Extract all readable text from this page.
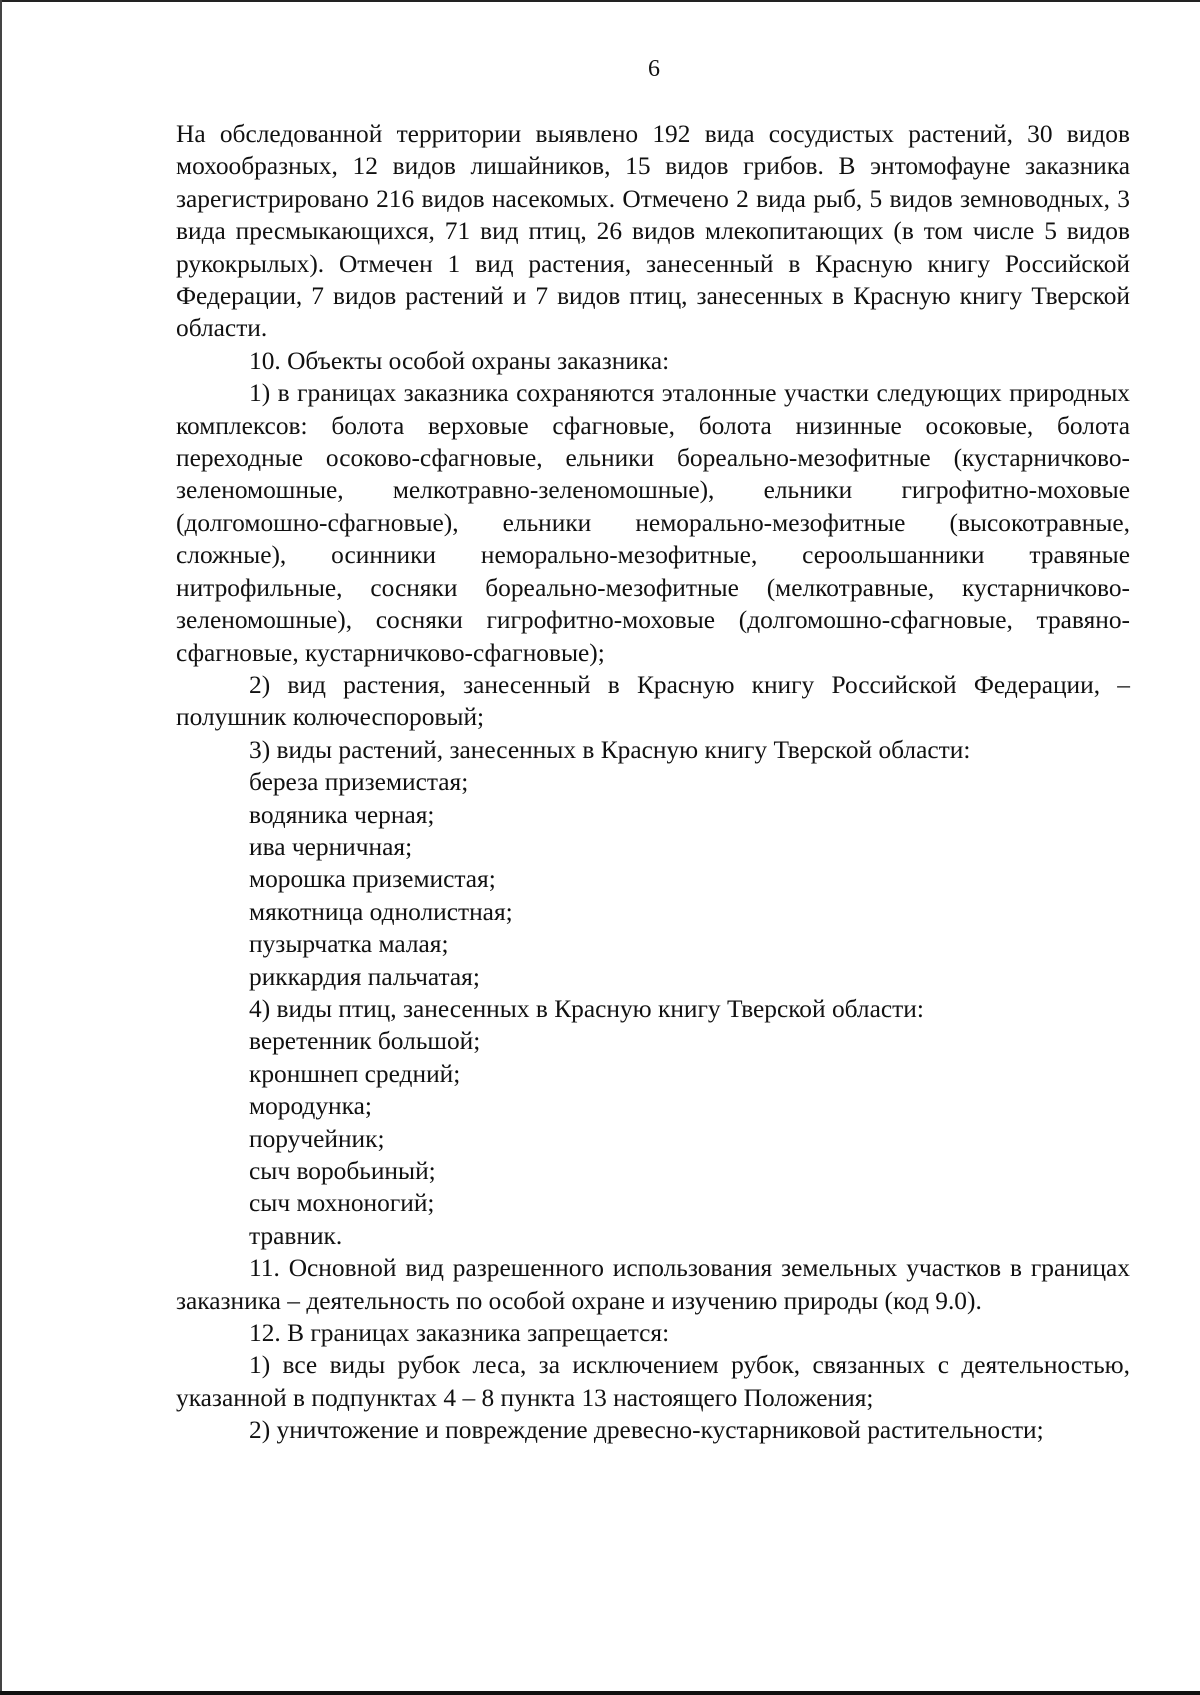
6

На обследованной территории выявлено 192 вида сосудистых растений, 30 видов мохообразных, 12 видов лишайников, 15 видов грибов. В энтомофауне заказника зарегистрировано 216 видов насекомых. Отмечено 2 вида рыб, 5 видов земноводных, 3 вида пресмыкающихся, 71 вид птиц, 26 видов млекопитающих (в том числе 5 видов рукокрылых). Отмечен 1 вид растения, занесенный в Красную книгу Российской Федерации, 7 видов растений и 7 видов птиц, занесенных в Красную книгу Тверской области.

10. Объекты особой охраны заказника:

1) в границах заказника сохраняются эталонные участки следующих природных комплексов: болота верховые сфагновые, болота низинные осоковые, болота переходные осоково-сфагновые, ельники бореально-мезофитные (кустарничково-зеленомошные, мелкотравно-зеленомошные), ельники гигрофитно-моховые (долгомошно-сфагновые), ельники неморально-мезофитные (высокотравные, сложные), осинники неморально-мезофитные, сероольшанники травяные нитрофильные, сосняки бореально-мезофитные (мелкотравные, кустарничково-зеленомошные), сосняки гигрофитно-моховые (долгомошно-сфагновые, травяно-сфагновые, кустарничково-сфагновые);

2) вид растения, занесенный в Красную книгу Российской Федерации, – полушник колючеспоровый;

3) виды растений, занесенных в Красную книгу Тверской области:

береза приземистая;

водяника черная;

ива черничная;

морошка приземистая;

мякотница однолистная;

пузырчатка малая;

риккардия пальчатая;

4) виды птиц, занесенных в Красную книгу Тверской области:

веретенник большой;

кроншнеп средний;

мородунка;

поручейник;

сыч воробьиный;

сыч мохноногий;

травник.

11. Основной вид разрешенного использования земельных участков в границах заказника – деятельность по особой охране и изучению природы (код 9.0).

12. В границах заказника запрещается:

1) все виды рубок леса, за исключением рубок, связанных с деятельностью, указанной в подпунктах 4 – 8 пункта 13 настоящего Положения;

2) уничтожение и повреждение древесно-кустарниковой растительности;
